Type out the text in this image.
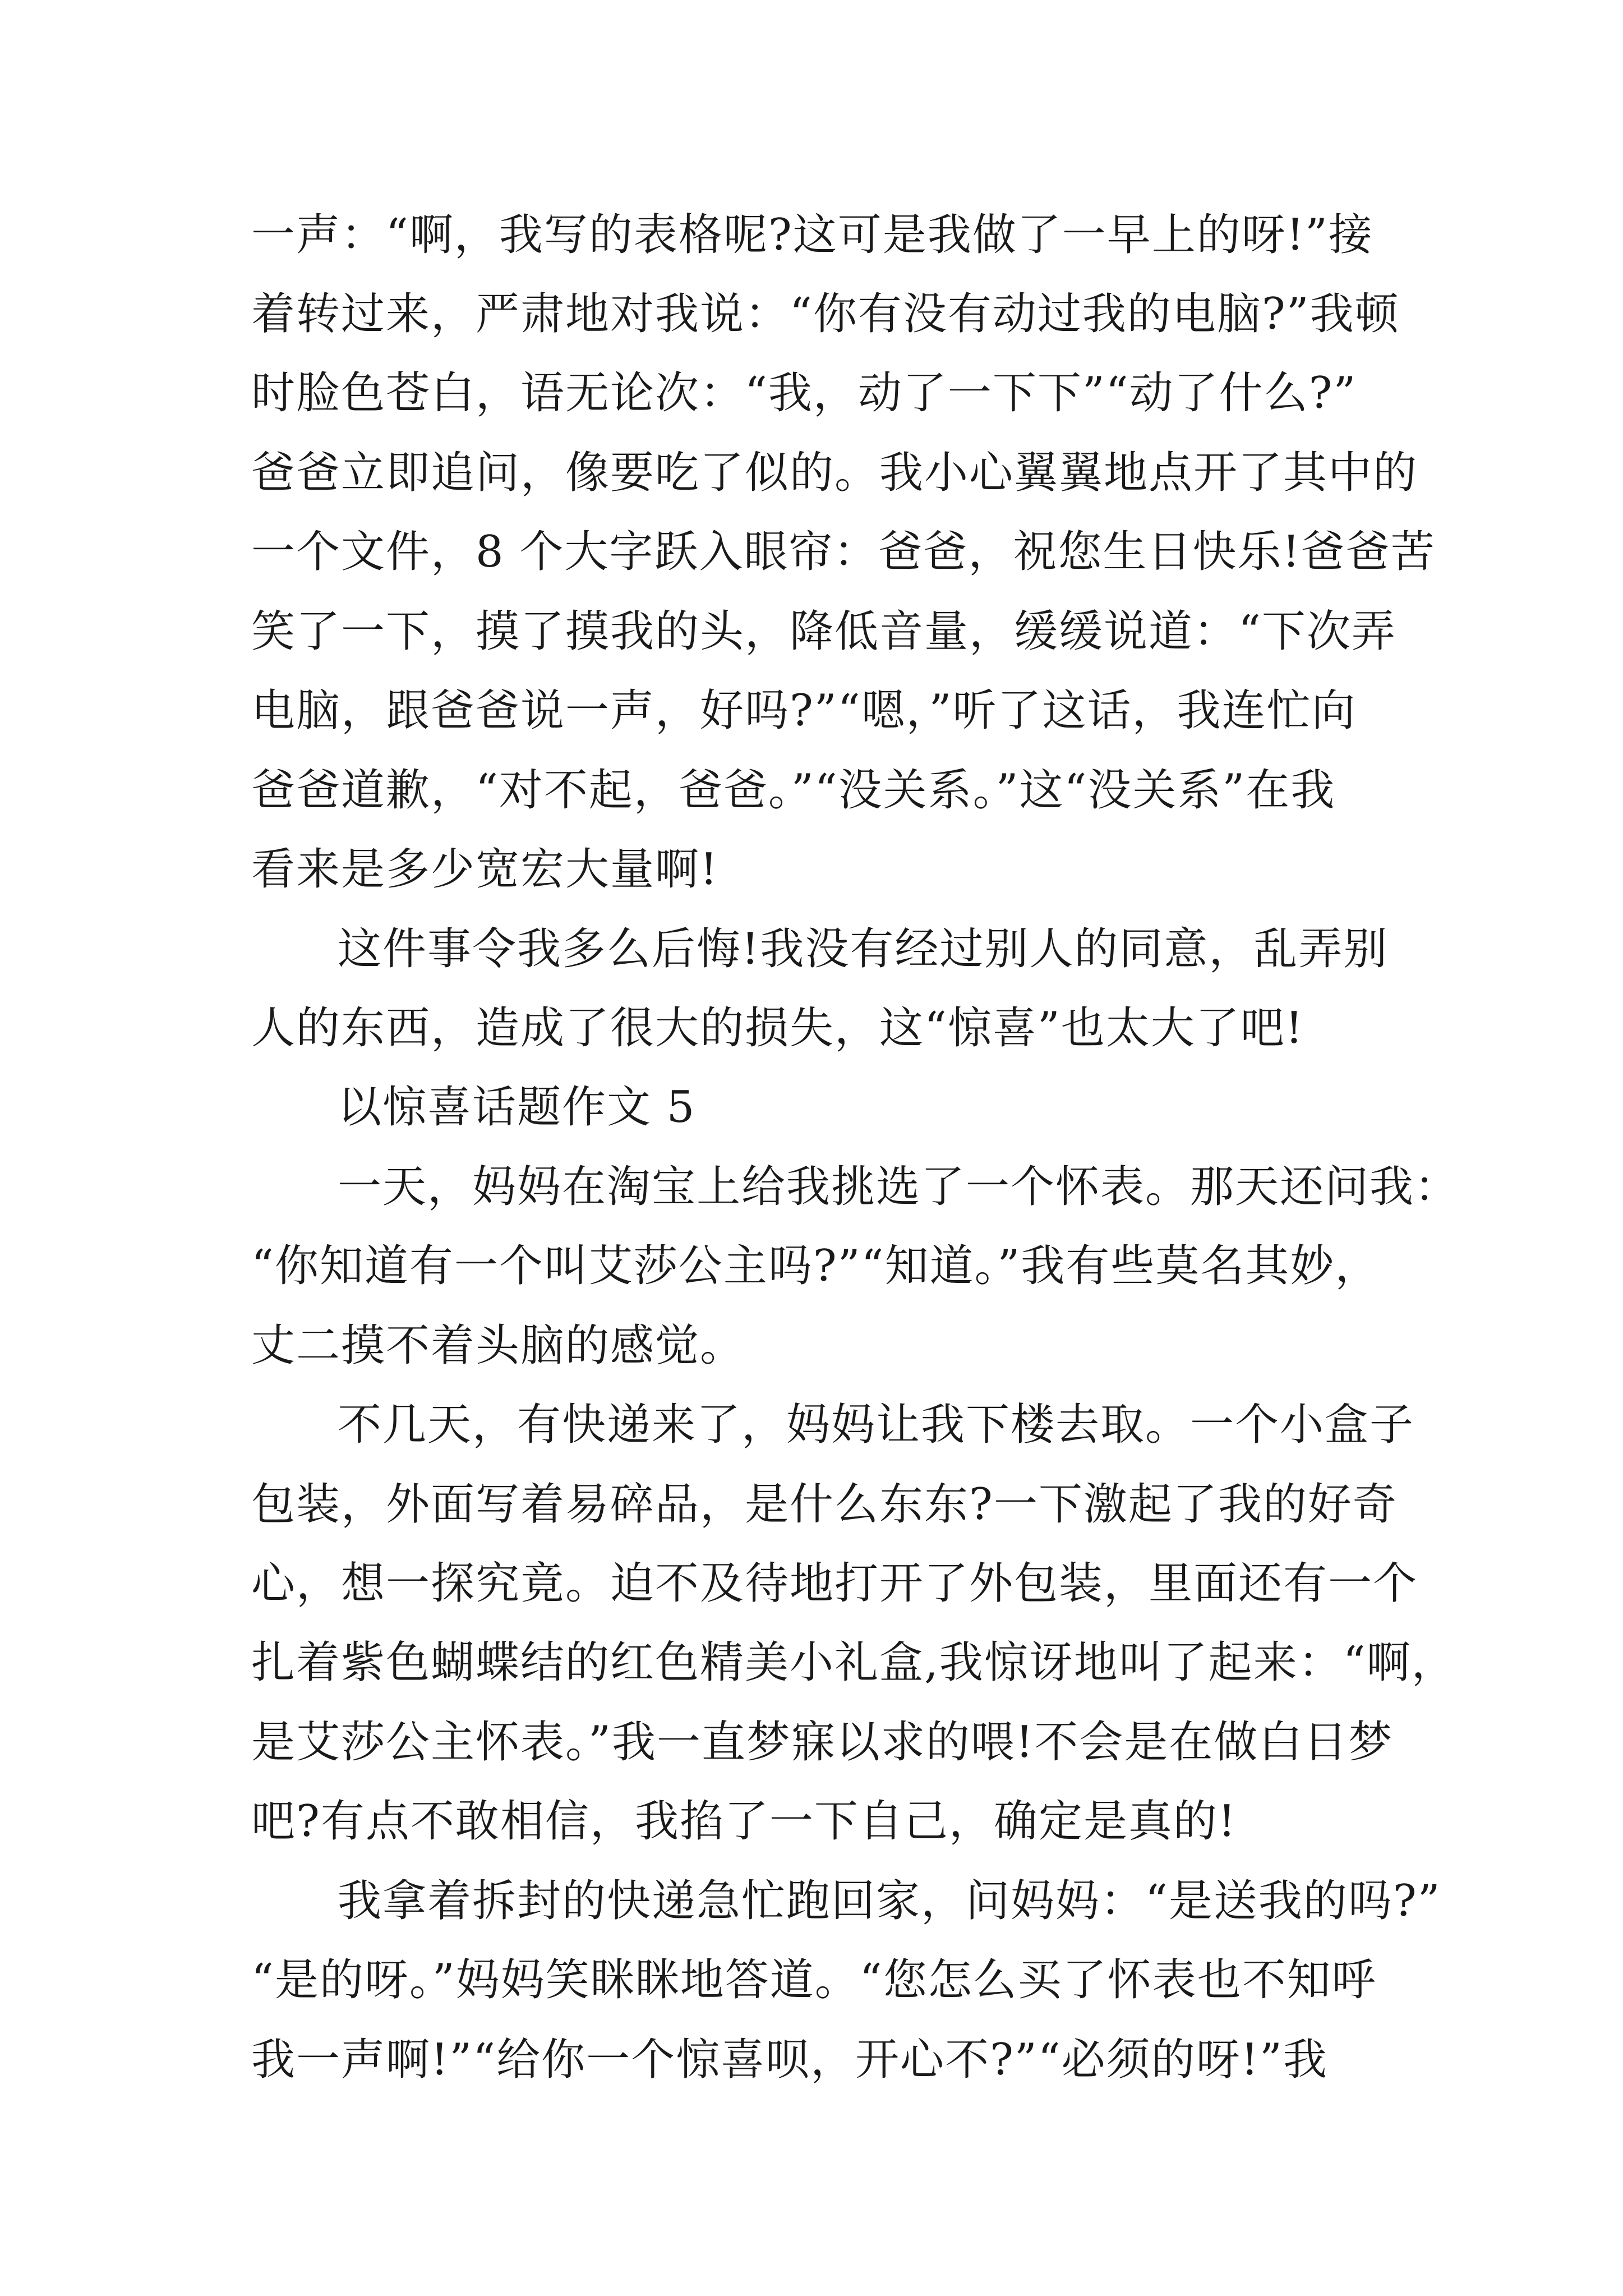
一声：“啊，我写的表格呢?这可是我做了一早上的呀!”接
着转过来，严肃地对我说：“你有没有动过我的电脑?”我顿
时脸色苍白，语无论次：“我，动了一下下”“动了什么?”
爸爸立即追问，像要吃了似的。我小心翼翼地点开了其中的
一个文件，8 个大字跃入眼帘：爸爸，祝您生日快乐!爸爸苦
笑了一下，摸了摸我的头，降低音量，缓缓说道：“下次弄
电脑，跟爸爸说一声，好吗?”“嗯，”听了这话，我连忙向
爸爸道歉，“对不起，爸爸。”“没关系。”这“没关系”在我
看来是多少宽宏大量啊!
这件事令我多么后悔!我没有经过别人的同意，乱弄别
人的东西，造成了很大的损失，这“惊喜”也太大了吧!
以惊喜话题作文 5
一天，妈妈在淘宝上给我挑选了一个怀表。那天还问我：
“你知道有一个叫艾莎公主吗?”“知道。”我有些莫名其妙，
丈二摸不着头脑的感觉。
不几天，有快递来了，妈妈让我下楼去取。一个小盒子
包装，外面写着易碎品，是什么东东?一下激起了我的好奇
心，想一探究竟。迫不及待地打开了外包装，里面还有一个
扎着紫色蝴蝶结的红色精美小礼盒,我惊讶地叫了起来：“啊，
是艾莎公主怀表。”我一直梦寐以求的喂!不会是在做白日梦
吧?有点不敢相信，我掐了一下自己，确定是真的!
我拿着拆封的快递急忙跑回家，问妈妈：“是送我的吗?”
“是的呀。”妈妈笑眯眯地答道。“您怎么买了怀表也不知呼
我一声啊!”“给你一个惊喜呗，开心不?”“必须的呀!”我
